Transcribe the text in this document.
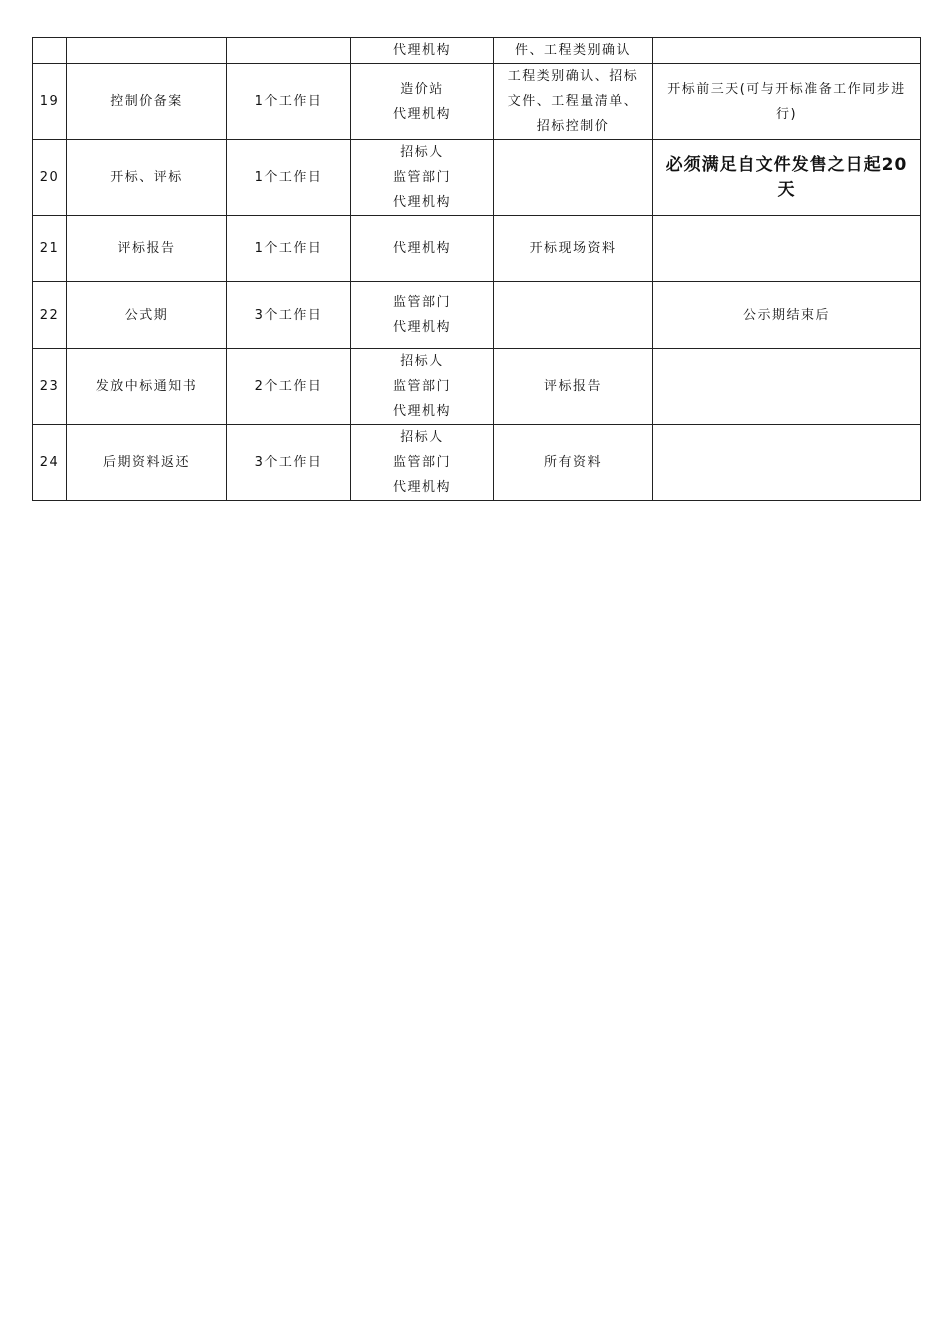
			代理机构	件、工程类别确认	

19	控制价备案	1个工作日	造价站
代理机构	工程类别确认、招标
文件、工程量清单、
招标控制价	开标前三天(可与开标准备工作同步进行)
20	开标、评标	1个工作日	招标人
监管部门
代理机构		必须满足自文件发售之日起20天
21	评标报告	1个工作日	代理机构	开标现场资料	

22	公式期	3个工作日	监管部门
代理机构		公示期结束后
23	发放中标通知书	2个工作日	招标人
监管部门
代理机构	评标报告	

24	后期资料返还	3个工作日	招标人
监管部门
代理机构	所有资料	
